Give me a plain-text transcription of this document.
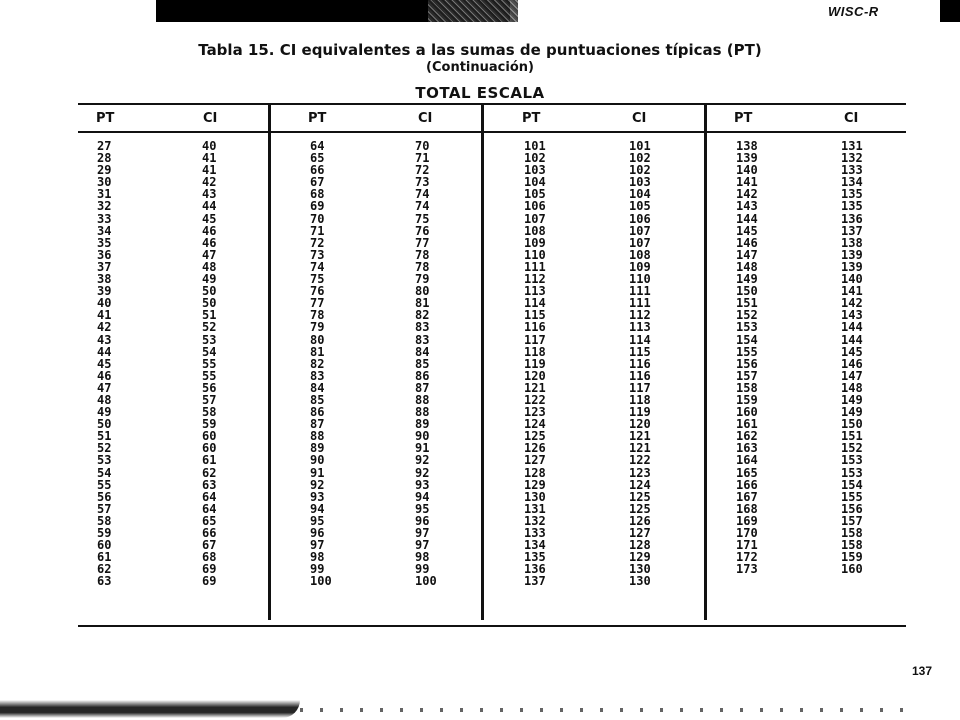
WISC-R
Tabla 15. CI equivalentes a las sumas de puntuaciones típicas (PT)
(Continuación)
TOTAL ESCALA
PT	CI	PT	CI	PT	CI	PT	CI
27	40
28	41
29	41
30	42
31	43
32	44
33	45
34	46
35	46
36	47
37	48
38	49
39	50
40	50
41	51
42	52
43	53
44	54
45	55
46	55
47	56
48	57
49	58
50	59
51	60
52	60
53	61
54	62
55	63
56	64
57	64
58	65
59	66
60	67
61	68
62	69
63	69
64	70
65	71
66	72
67	73
68	74
69	74
70	75
71	76
72	77
73	78
74	78
75	79
76	80
77	81
78	82
79	83
80	83
81	84
82	85
83	86
84	87
85	88
86	88
87	89
88	90
89	91
90	92
91	92
92	93
93	94
94	95
95	96
96	97
97	97
98	98
99	99
100	100
101	101
102	102
103	102
104	103
105	104
106	105
107	106
108	107
109	107
110	108
111	109
112	110
113	111
114	111
115	112
116	113
117	114
118	115
119	116
120	116
121	117
122	118
123	119
124	120
125	121
126	121
127	122
128	123
129	124
130	125
131	125
132	126
133	127
134	128
135	129
136	130
137	130
138	131
139	132
140	133
141	134
142	135
143	135
144	136
145	137
146	138
147	139
148	139
149	140
150	141
151	142
152	143
153	144
154	144
155	145
156	146
157	147
158	148
159	149
160	149
161	150
162	151
163	152
164	153
165	153
166	154
167	155
168	156
169	157
170	158
171	158
172	159
173	160
137
